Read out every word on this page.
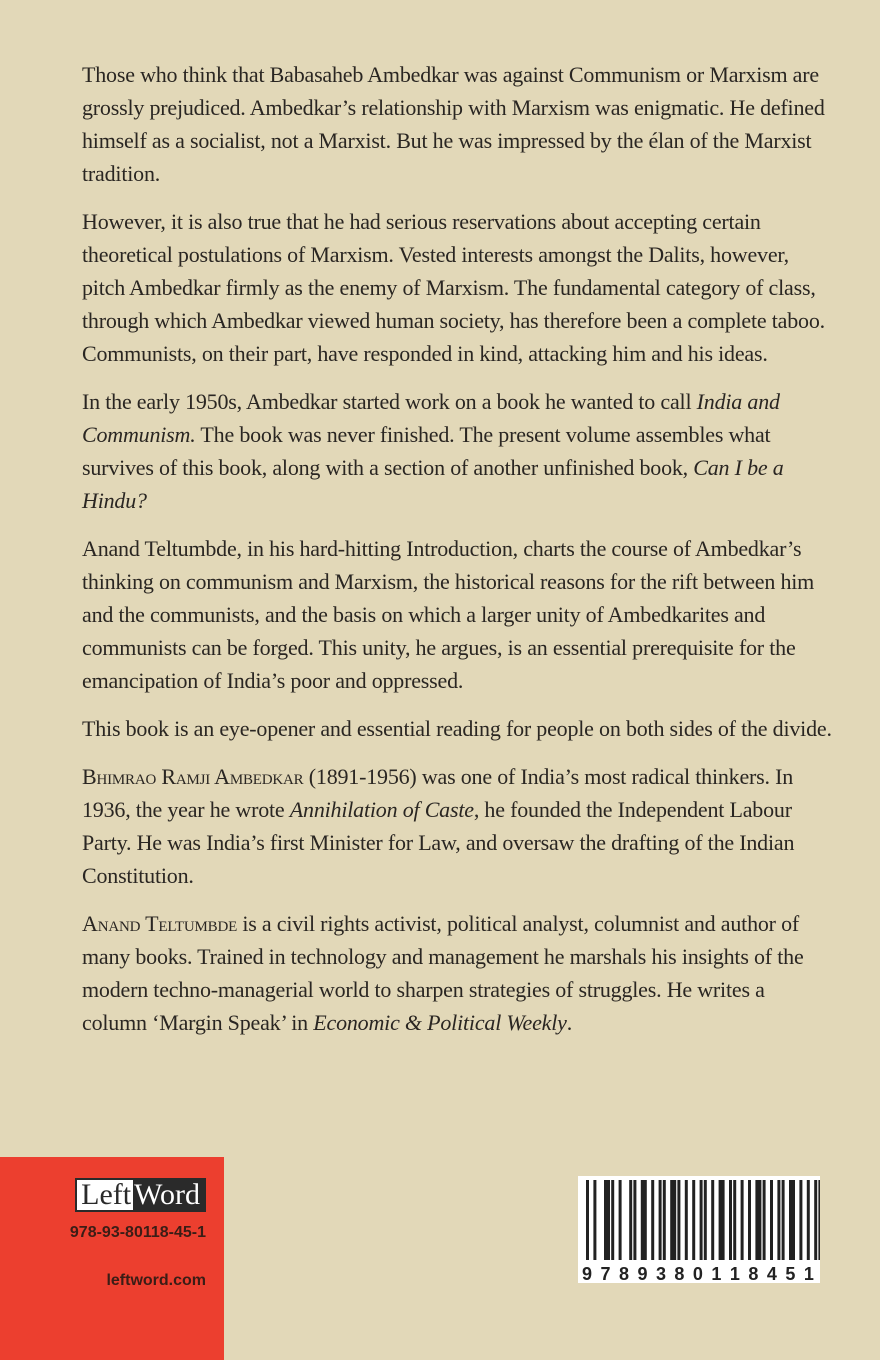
Those who think that Babasaheb Ambedkar was against Communism or Marxism are grossly prejudiced. Ambedkar’s relationship with Marxism was enigmatic. He defined himself as a socialist, not a Marxist. But he was impressed by the élan of the Marxist tradition.

However, it is also true that he had serious reservations about accepting certain theoretical postulations of Marxism. Vested interests amongst the Dalits, however, pitch Ambedkar firmly as the enemy of Marxism. The fundamental category of class, through which Ambedkar viewed human society, has therefore been a complete taboo. Communists, on their part, have responded in kind, attacking him and his ideas.

In the early 1950s, Ambedkar started work on a book he wanted to call India and Communism. The book was never finished. The present volume assembles what survives of this book, along with a section of another unfinished book, Can I be a Hindu?

Anand Teltumbde, in his hard-hitting Introduction, charts the course of Ambedkar’s thinking on communism and Marxism, the historical reasons for the rift between him and the communists, and the basis on which a larger unity of Ambedkarites and communists can be forged. This unity, he argues, is an essential prerequisite for the emancipation of India’s poor and oppressed.

This book is an eye-opener and essential reading for people on both sides of the divide.

Bhimrao Ramji Ambedkar (1891-1956) was one of India’s most radical thinkers. In 1936, the year he wrote Annihilation of Caste, he founded the Independent Labour Party. He was India’s first Minister for Law, and oversaw the drafting of the Indian Constitution.

Anand Teltumbde is a civil rights activist, political analyst, columnist and author of many books. Trained in technology and management he marshals his insights of the modern techno-managerial world to sharpen strategies of struggles. He writes a column ‘Margin Speak’ in Economic & Political Weekly.

Left Word
978-93-80118-45-1
leftword.com	9 7 8 9 3 8 0 1 1 8 4 5 1
